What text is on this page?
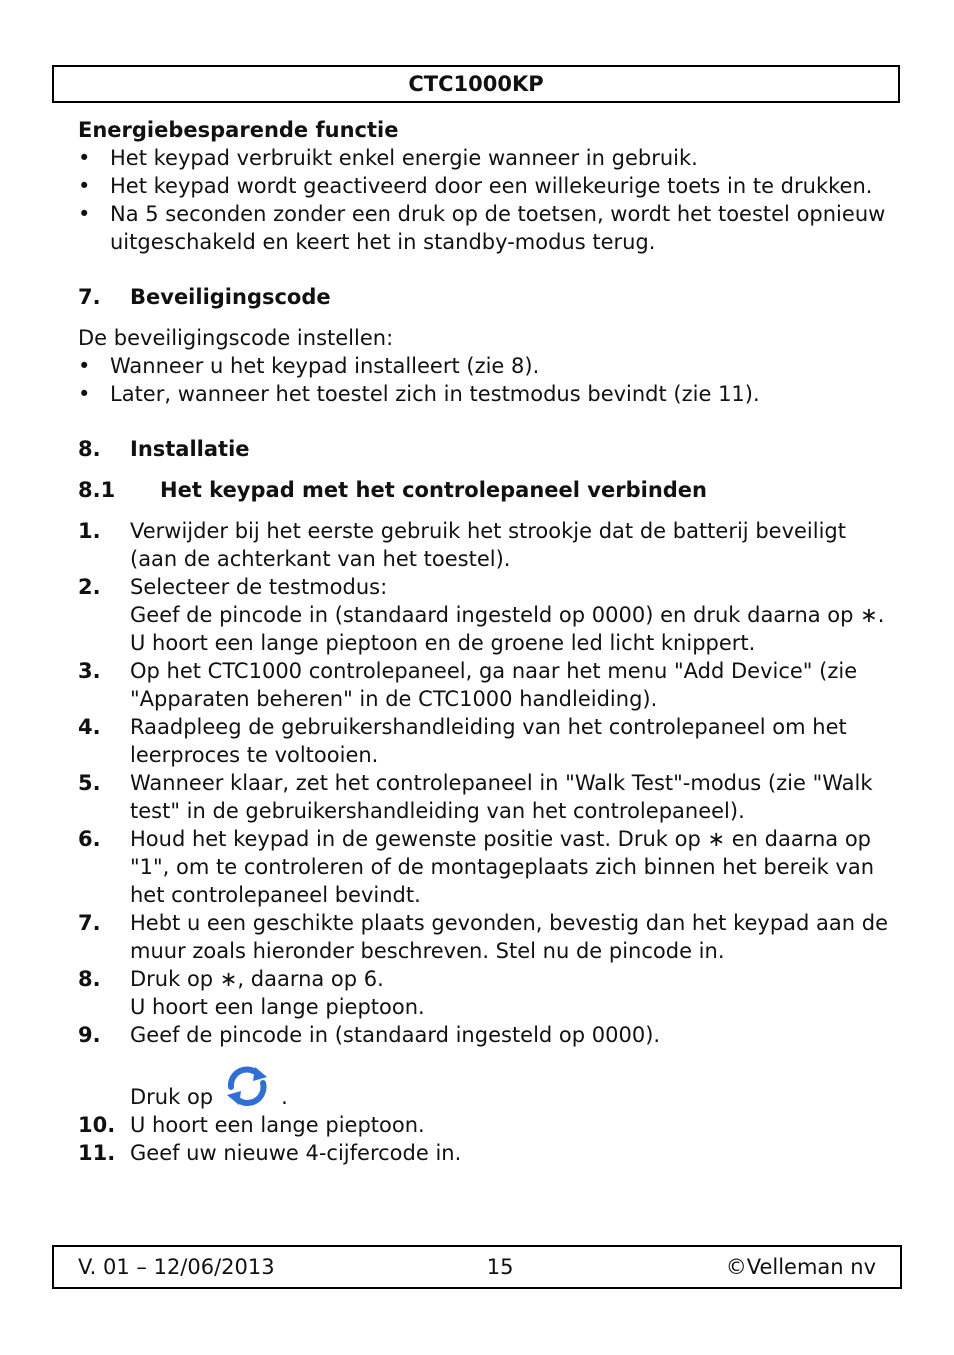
CTC1000KP

Energiebesparende functie

• Het keypad verbruikt enkel energie wanneer in gebruik.
• Het keypad wordt geactiveerd door een willekeurige toets in te drukken.
• Na 5 seconden zonder een druk op de toetsen, wordt het toestel opnieuw uitgeschakeld en keert het in standby-modus terug.
7.	Beveiligingscode

De beveiligingscode instellen:

• Wanneer u het keypad installeert (zie 8).
• Later, wanneer het toestel zich in testmodus bevindt (zie 11).
8.	Installatie
8.1	Het keypad met het controlepaneel verbinden
1.	Verwijder bij het eerste gebruik het strookje dat de batterij beveiligt (aan de achterkant van het toestel).
2.	Selecteer de testmodus:
Geef de pincode in (standaard ingesteld op 0000) en druk daarna op ∗.
U hoort een lange pieptoon en de groene led licht knippert.
3.	Op het CTC1000 controlepaneel, ga naar het menu "Add Device" (zie "Apparaten beheren" in de CTC1000 handleiding).
4.	Raadpleeg de gebruikershandleiding van het controlepaneel om het leerproces te voltooien.
5.	Wanneer klaar, zet het controlepaneel in "Walk Test"-modus (zie "Walk test" in de gebruikershandleiding van het controlepaneel).
6.	Houd het keypad in de gewenste positie vast. Druk op ∗ en daarna op "1", om te controleren of de montageplaats zich binnen het bereik van het controlepaneel bevindt.
7.	Hebt u een geschikte plaats gevonden, bevestig dan het keypad aan de muur zoals hieronder beschreven. Stel nu de pincode in.
8.	Druk op ∗, daarna op 6.
U hoort een lange pieptoon.
9.	Geef de pincode in (standaard ingesteld op 0000).
10.
Druk op	.
U hoort een lange pieptoon.
11. Geef uw nieuwe 4-cijfercode in.
V. 01 – 12/06/2013	15	©Velleman nv
